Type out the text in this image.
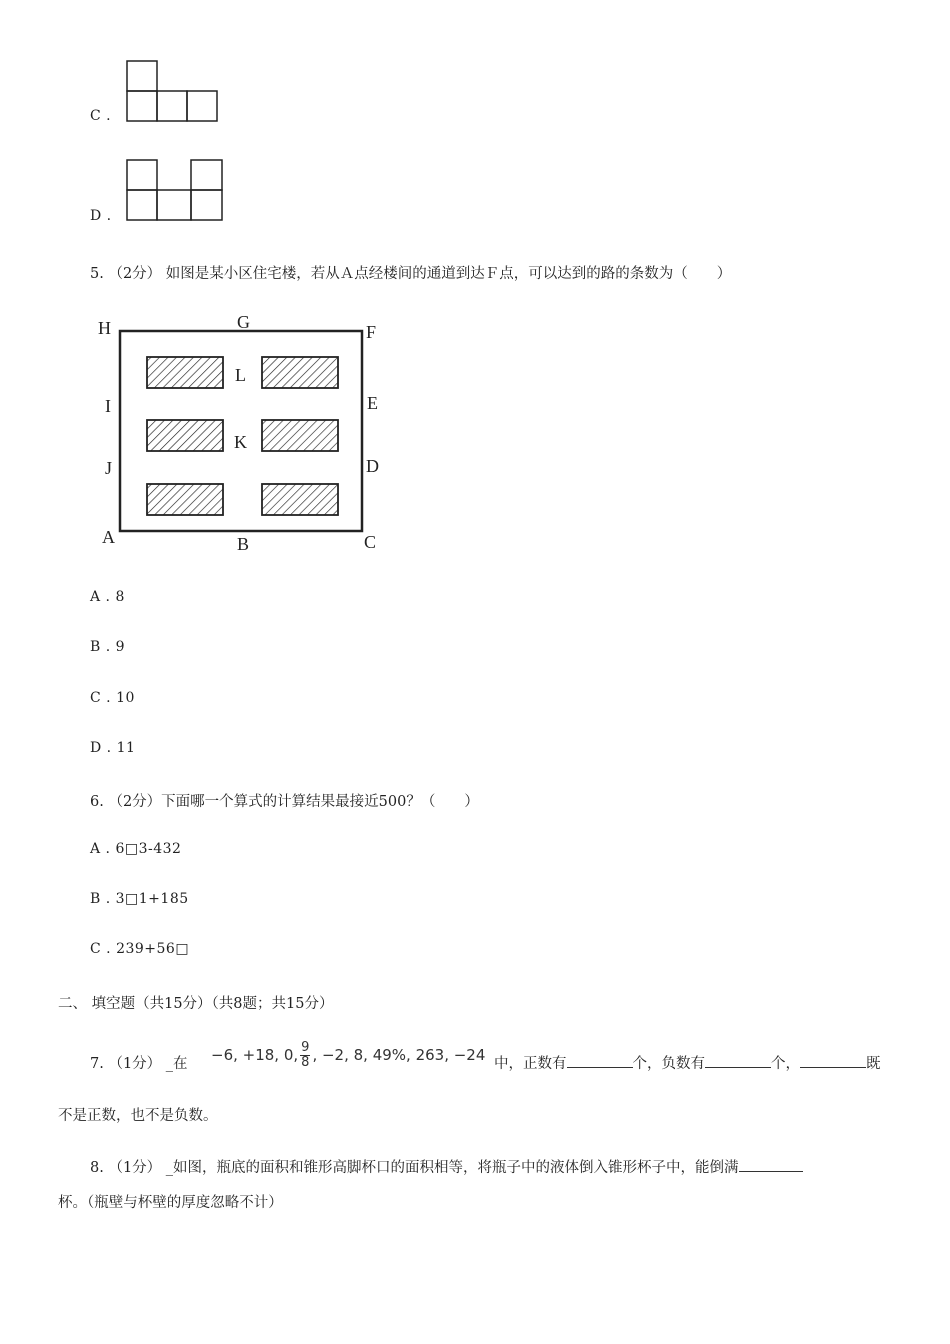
C .
D .
5. （2分） 如图是某小区住宅楼，若从Ａ点经楼间的通道到达Ｆ点，可以达到的路的条数为（　　）
H	G	F
I	E
J	D
A	B	C
L
K
A . 8
B . 9
C . 10
D . 11
6. （2分）下面哪一个算式的计算结果最接近500？（　　）
A . 6□3-432
B . 3□1+185
C . 239+56□
二、 填空题（共15分）（共8题；共15分）
7. （1分） _在 −6, +18, 0, $\frac{9}{8}$ , −2, 8, 49%, 263, −24 中，正数有	个，负数有	个，	既
不是正数，也不是负数。
8. （1分） _如图，瓶底的面积和锥形高脚杯口的面积相等，将瓶子中的液体倒入锥形杯子中，能倒满
杯。（瓶壁与杯壁的厚度忽略不计）
